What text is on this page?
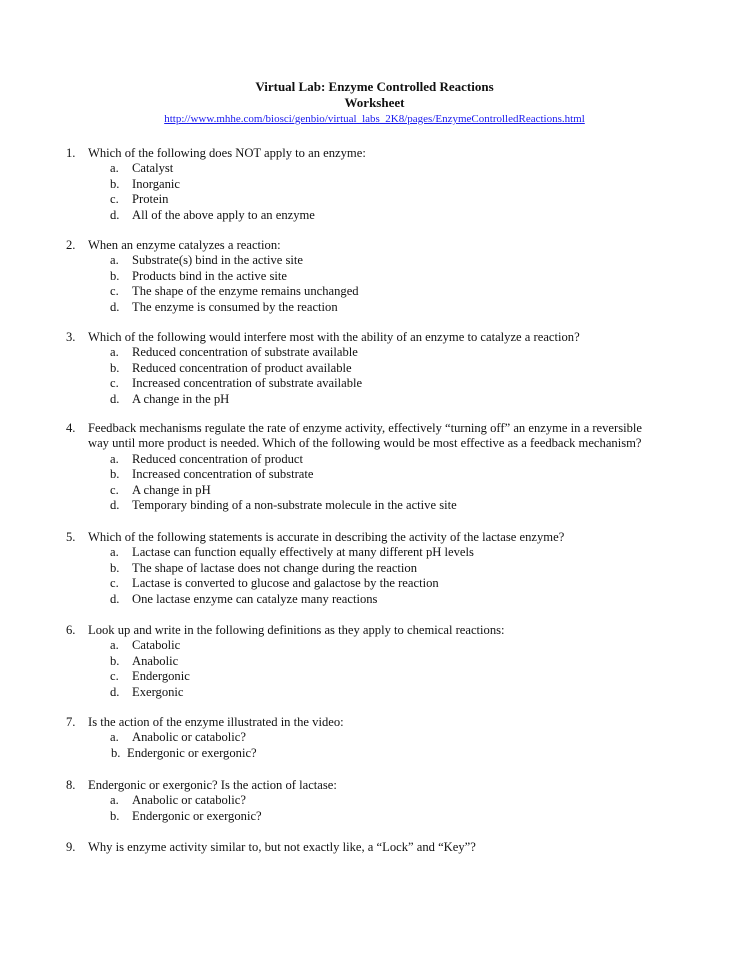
Virtual Lab: Enzyme Controlled Reactions
Worksheet
http://www.mhhe.com/biosci/genbio/virtual_labs_2K8/pages/EnzymeControlledReactions.html
1. Which of the following does NOT apply to an enzyme:
a. Catalyst
b. Inorganic
c. Protein
d. All of the above apply to an enzyme
2. When an enzyme catalyzes a reaction:
a. Substrate(s) bind in the active site
b. Products bind in the active site
c. The shape of the enzyme remains unchanged
d. The enzyme is consumed by the reaction
3. Which of the following would interfere most with the ability of an enzyme to catalyze a reaction?
a. Reduced concentration of substrate available
b. Reduced concentration of product available
c. Increased concentration of substrate available
d. A change in the pH
4. Feedback mechanisms regulate the rate of enzyme activity, effectively “turning off” an enzyme in a reversible
way until more product is needed. Which of the following would be most effective as a feedback mechanism?
a. Reduced concentration of product
b. Increased concentration of substrate
c. A change in pH
d. Temporary binding of a non-substrate molecule in the active site
5. Which of the following statements is accurate in describing the activity of the lactase enzyme?
a. Lactase can function equally effectively at many different pH levels
b. The shape of lactase does not change during the reaction
c. Lactase is converted to glucose and galactose by the reaction
d. One lactase enzyme can catalyze many reactions
6. Look up and write in the following definitions as they apply to chemical reactions:
a. Catabolic
b. Anabolic
c. Endergonic
d. Exergonic
7. Is the action of the enzyme illustrated in the video:
a. Anabolic or catabolic?
b. Endergonic or exergonic?
8. Endergonic or exergonic? Is the action of lactase:
a. Anabolic or catabolic?
b. Endergonic or exergonic?
9. Why is enzyme activity similar to, but not exactly like, a “Lock” and “Key”?
